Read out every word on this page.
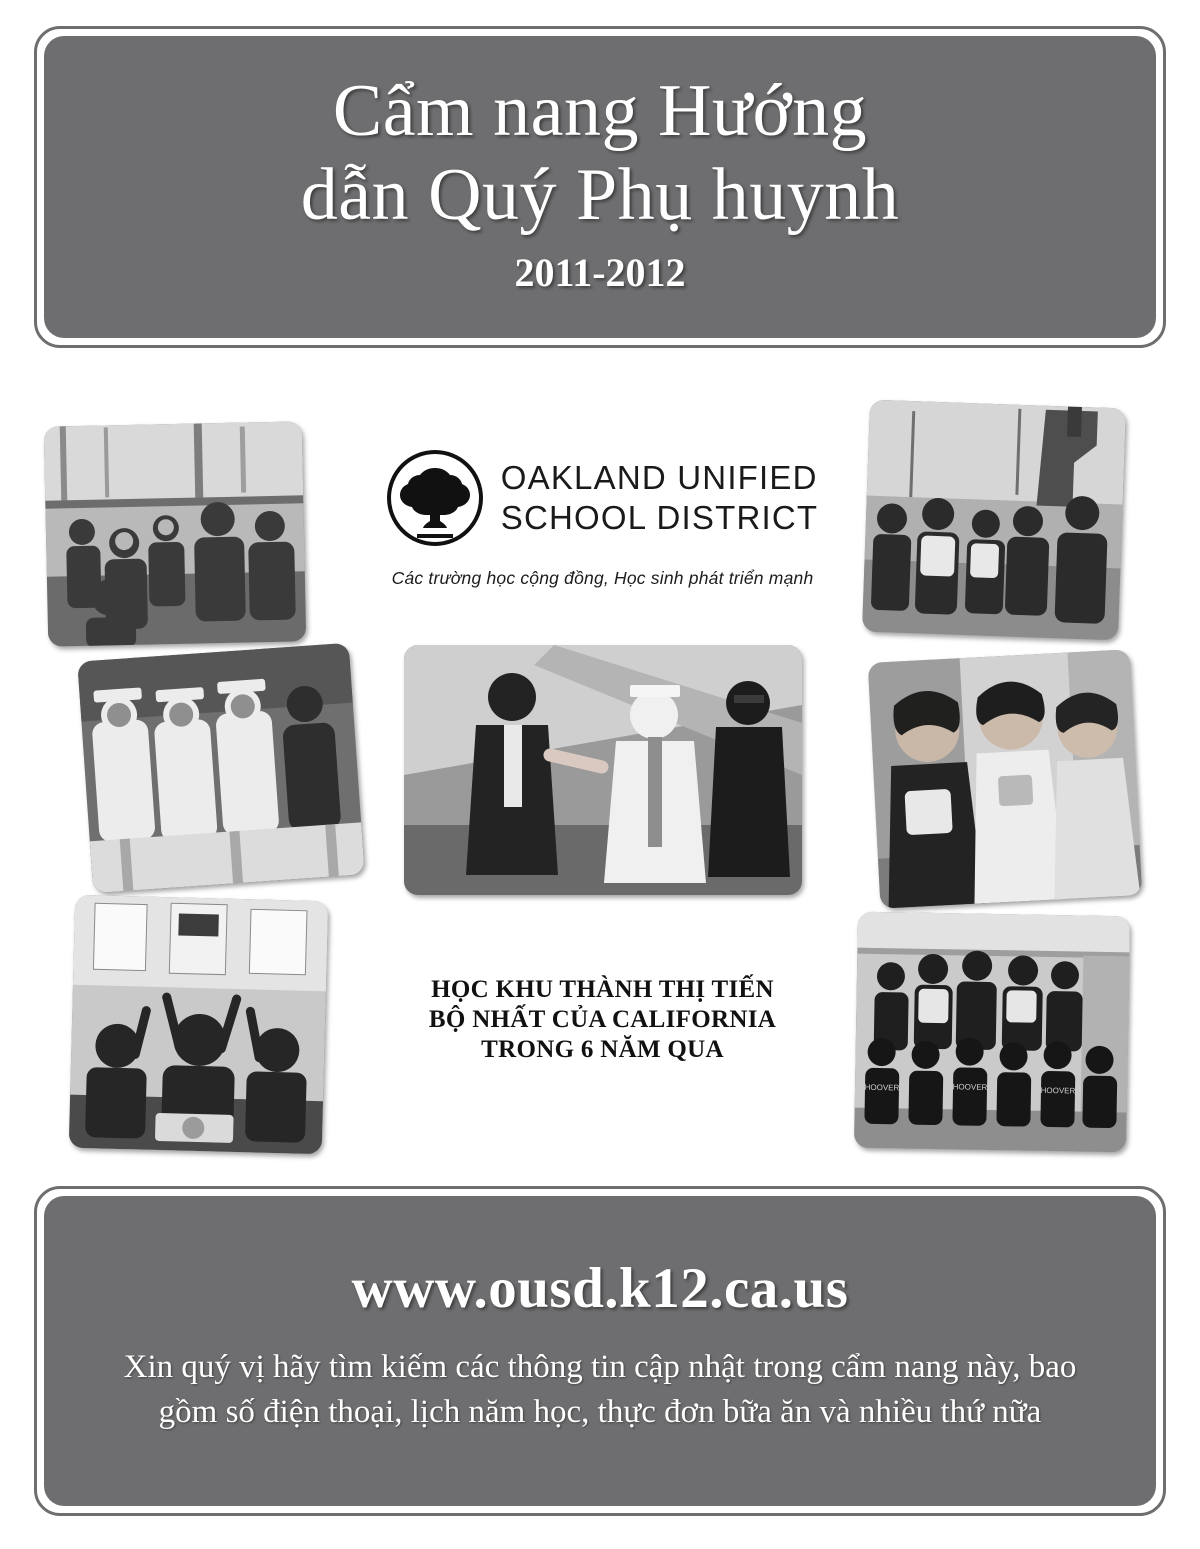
Cẩm nang Hướng
dẫn Quý Phụ huynh
2011-2012
HOOVER	HOOVER	HOOVER
OAKLAND UNIFIED
SCHOOL DISTRICT
Các trường học cộng đồng, Học sinh phát triển mạnh
HỌC KHU THÀNH THỊ TIẾN
BỘ NHẤT CỦA CALIFORNIA
TRONG 6 NĂM QUA
www.ousd.k12.ca.us
Xin quý vị hãy tìm kiếm các thông tin cập nhật trong cẩm nang này, bao gồm số điện thoại, lịch năm học, thực đơn bữa ăn và nhiều thứ nữa
